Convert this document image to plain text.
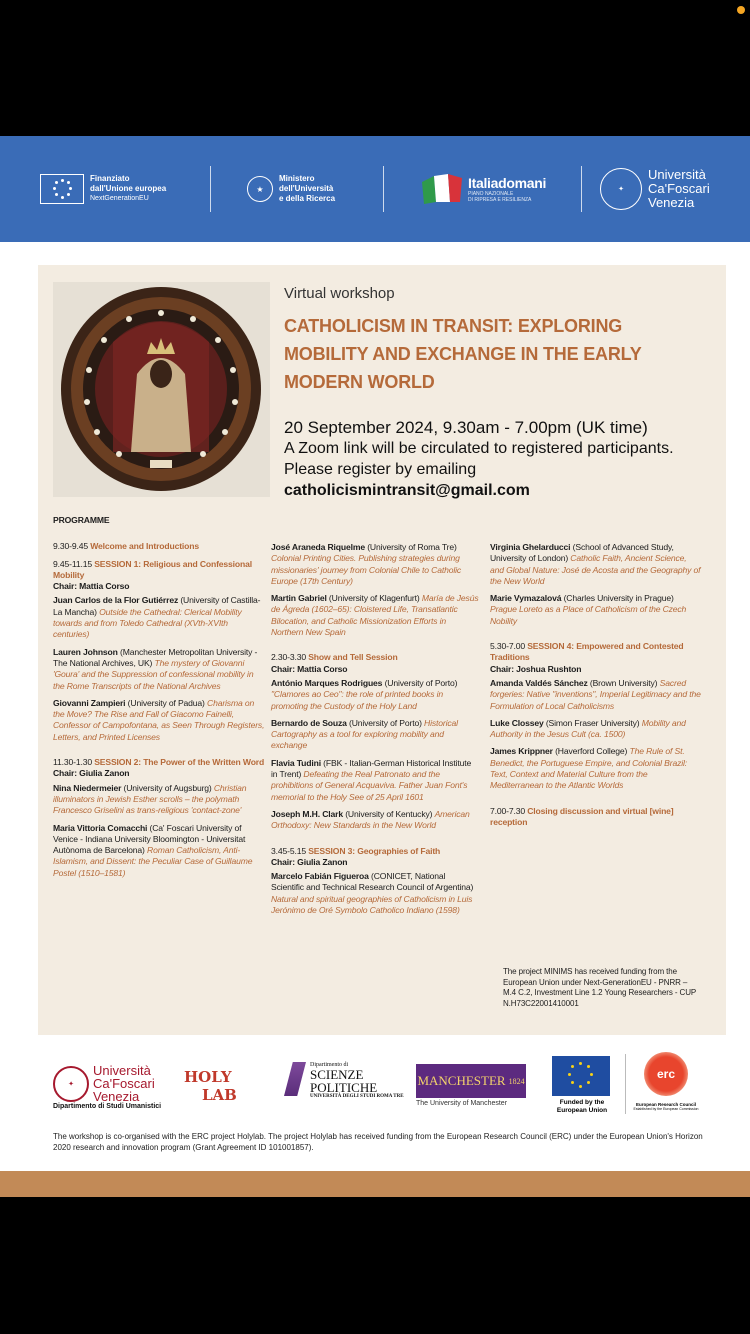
Finanziato
dall'Unione europea
NextGenerationEU
★
Ministero
dell'Università
e della Ricerca
Italiadomani
PIANO NAZIONALE
DI RIPRESA E RESILIENZA
✦
Università
Ca'Foscari
Venezia
Virtual workshop
CATHOLICISM IN TRANSIT: EXPLORING
MOBILITY AND EXCHANGE IN THE EARLY
MODERN WORLD
20 September 2024, 9.30am - 7.00pm (UK time)
A Zoom link will be circulated to registered participants.
Please register by emailing catholicismintransit@gmail.com
PROGRAMME

9.30-9.45 Welcome and Introductions

9.45-11.15 SESSION 1: Religious and Confessional Mobility

Chair: Mattia Corso

Juan Carlos de la Flor Gutiérrez (University of Castilla-La Mancha) Outside the Cathedral: Clerical Mobility towards and from Toledo Cathedral (XVth-XVIth centuries)

Lauren Johnson (Manchester Metropolitan University - The National Archives, UK) The mystery of Giovanni 'Goura' and the Suppression of confessional mobility in the Rome Transcripts of the National Archives

Giovanni Zampieri (University of Padua) Charisma on the Move? The Rise and Fall of Giacomo Fainelli, Confessor of Campofontana, as Seen Through Registers, Letters, and Printed Licenses

11.30-1.30 SESSION 2: The Power of the Written Word

Chair: Giulia Zanon

Nina Niedermeier (University of Augsburg) Christian illuminators in Jewish Esther scrolls – the polymath Francesco Griselini as trans-religious 'contact-zone'

Maria Vittoria Comacchi (Ca' Foscari University of Venice - Indiana University Bloomington - Universitat Autònoma de Barcelona) Roman Catholicism, Anti-Islamism, and Dissent: the Peculiar Case of Guillaume Postel (1510–1581)

José Araneda Riquelme (University of Roma Tre) Colonial Printing Cities. Publishing strategies during missionaries' journey from Colonial Chile to Catholic Europe (17th Century)

Martin Gabriel (University of Klagenfurt) María de Jesús de Ágreda (1602–65): Cloistered Life, Transatlantic Bilocation, and Catholic Missionization Efforts in Northern New Spain

2.30-3.30 Show and Tell Session

Chair: Mattia Corso

António Marques Rodrigues (University of Porto) "Clamores ao Ceo": the role of printed books in promoting the Custody of the Holy Land

Bernardo de Souza (University of Porto) Historical Cartography as a tool for exploring mobility and exchange

Flavia Tudini (FBK - Italian-German Historical Institute in Trent) Defeating the Real Patronato and the prohibitions of General Acquaviva. Father Juan Font's memorial to the Holy See of 25 April 1601

Joseph M.H. Clark (University of Kentucky) American Orthodoxy: New Standards in the New World

3.45-5.15 SESSION 3: Geographies of Faith

Chair: Giulia Zanon

Marcelo Fabián Figueroa (CONICET, National Scientific and Technical Research Council of Argentina) Natural and spiritual geographies of Catholicism in Luis Jerónimo de Oré Symbolo Catholico Indiano (1598)

Virginia Ghelarducci (School of Advanced Study, University of London) Catholic Faith, Ancient Science, and Global Nature: José de Acosta and the Geography of the New World

Marie Vymazalová (Charles University in Prague) Prague Loreto as a Place of Catholicism of the Czech Nobility

5.30-7.00 SESSION 4: Empowered and Contested Traditions

Chair: Joshua Rushton

Amanda Valdés Sánchez (Brown University) Sacred forgeries: Native "inventions", Imperial Legitimacy and the Formulation of Local Catholicisms

Luke Clossey (Simon Fraser University) Mobility and Authority in the Jesus Cult (ca. 1500)

James Krippner (Haverford College) The Rule of St. Benedict, the Portuguese Empire, and Colonial Brazil: Text, Context and Material Culture from the Mediterranean to the Atlantic Worlds

7.00-7.30 Closing discussion and virtual [wine] reception

The project MINIMS has received funding from the European Union under Next-GenerationEU - PNRR – M.4 C.2, Investment Line 1.2 Young Researchers - CUP N.H73C22001410001
✦
Università
Ca'Foscari
Venezia
Dipartimento di Studi Umanistici
HOLY
LAB
Dipartimento di
SCIENZE
POLITICHE
UNIVERSITÀ DEGLI STUDI ROMA TRE
MANCHESTER 1824
The University of Manchester	Funded by the European Union
erc
European Research Council
Established by the European Commission
The workshop is co-organised with the ERC project Holylab. The project Holylab has received funding from the European Research Council (ERC) under the European Union's Horizon 2020 research and innovation program (Grant Agreement ID 101001857).
